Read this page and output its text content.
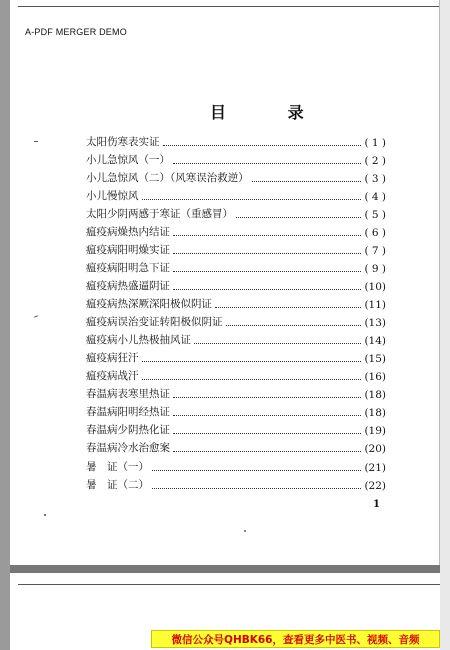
A-PDF MERGER DEMO
目 录
太阳伤寒表实证	( 1 )
小儿急惊风（一）	( 2 )
小儿急惊风（二）（风寒误治救逆）	( 3 )
小儿慢惊风	( 4 )
太阳少阴两感于寒证（重感冒）	( 5 )
瘟疫病燥热内结证	( 6 )
瘟疫病阳明燥实证	( 7 )
瘟疫病阳明急下证	( 9 )
瘟疫病热盛逼阴证	(10)
瘟疫病热深厥深阳极似阴证	(11)
瘟疫病误治变证转阳极似阴证	(13)
瘟疫病小儿热极抽风证	(14)
瘟疫病狂汗	(15)
瘟疫病战汗	(16)
春温病表寒里热证	(18)
春温病阳明经热证	(18)
春温病少阴热化证	(19)
春温病冷水治愈案	(20)
暑　证（一）	(21)
暑　证（二）	(22)
1
微信公众号QHBK66，查看更多中医书、视频、音频
